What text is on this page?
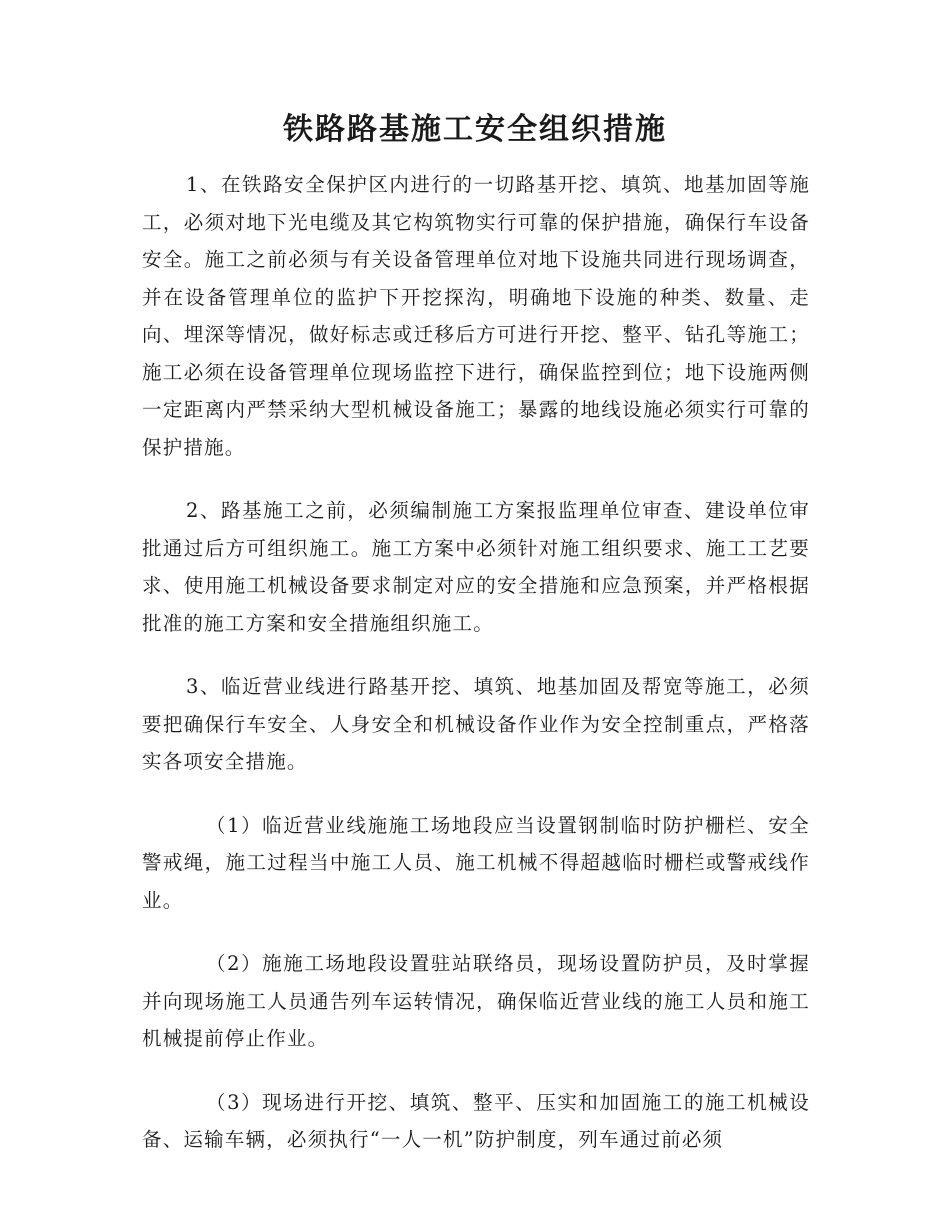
铁路路基施工安全组织措施

1、在铁路安全保护区内进行的一切路基开挖、填筑、地基加固等施工，必须对地下光电缆及其它构筑物实行可靠的保护措施，确保行车设备安全。施工之前必须与有关设备管理单位对地下设施共同进行现场调查，并在设备管理单位的监护下开挖探沟，明确地下设施的种类、数量、走向、埋深等情况，做好标志或迁移后方可进行开挖、整平、钻孔等施工；施工必须在设备管理单位现场监控下进行，确保监控到位；地下设施两侧一定距离内严禁采纳大型机械设备施工；暴露的地线设施必须实行可靠的保护措施。

2、路基施工之前，必须编制施工方案报监理单位审查、建设单位审批通过后方可组织施工。施工方案中必须针对施工组织要求、施工工艺要求、使用施工机械设备要求制定对应的安全措施和应急预案，并严格根据批准的施工方案和安全措施组织施工。

3、临近营业线进行路基开挖、填筑、地基加固及帮宽等施工，必须要把确保行车安全、人身安全和机械设备作业作为安全控制重点，严格落实各项安全措施。

（1）临近营业线施施工场地段应当设置钢制临时防护栅栏、安全警戒绳，施工过程当中施工人员、施工机械不得超越临时栅栏或警戒线作业。

（2）施施工场地段设置驻站联络员，现场设置防护员，及时掌握并向现场施工人员通告列车运转情况，确保临近营业线的施工人员和施工机械提前停止作业。

（3）现场进行开挖、填筑、整平、压实和加固施工的施工机械设备、运输车辆，必须执行“一人一机”防护制度，列车通过前必须
